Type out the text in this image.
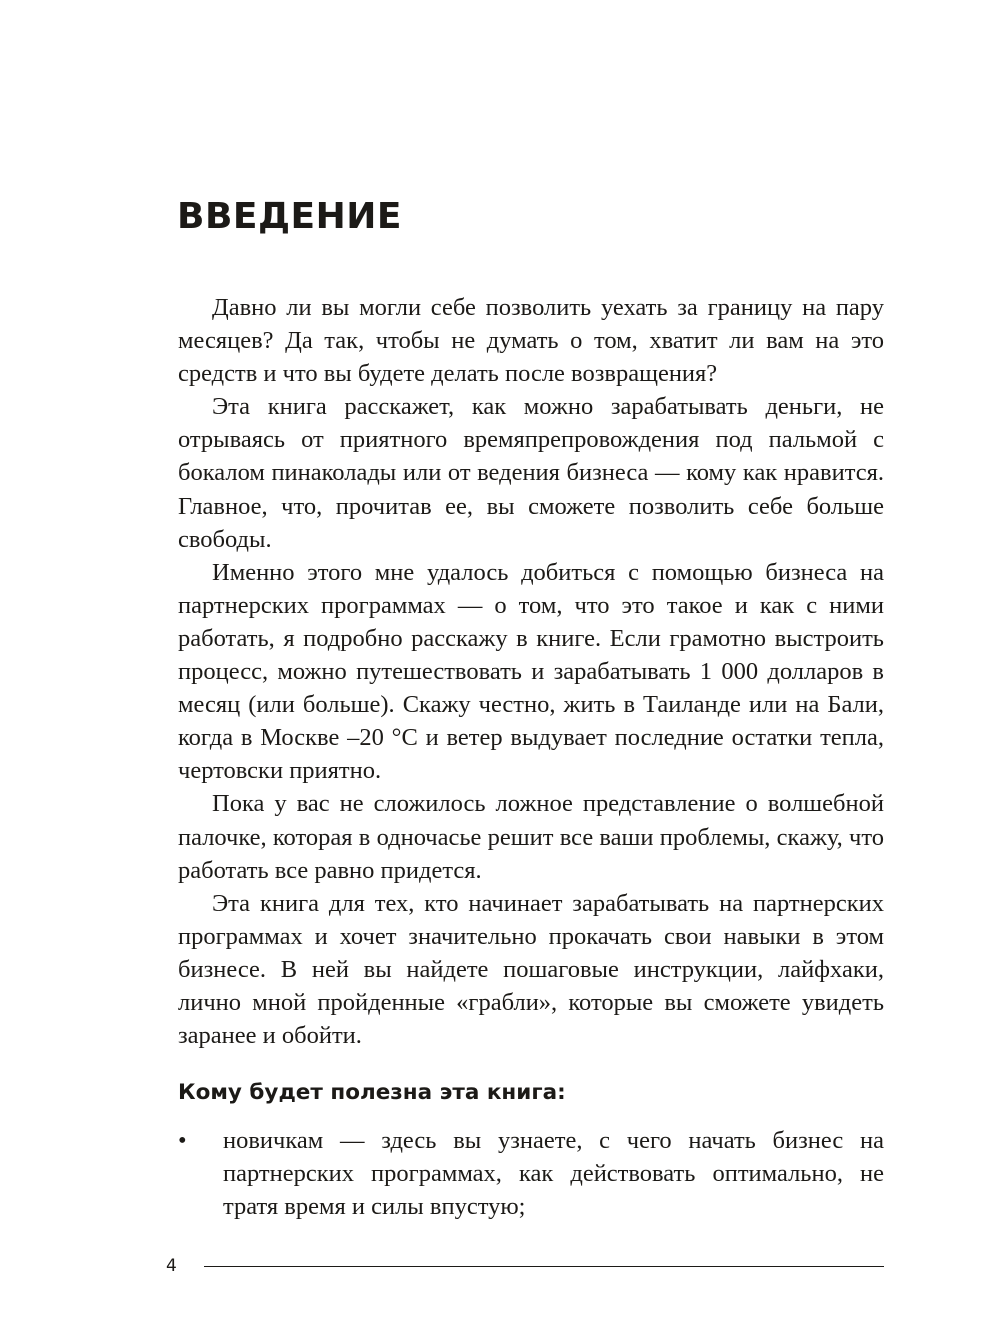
ВВЕДЕНИЕ

Давно ли вы могли себе позволить уехать за границу на пару месяцев? Да так, чтобы не думать о том, хватит ли вам на это средств и что вы будете делать после возвращения?

Эта книга расскажет, как можно зарабатывать деньги, не отрываясь от приятного времяпрепровождения под пальмой с бокалом пинаколады или от ведения бизнеса — кому как нравится. Главное, что, прочитав ее, вы сможете позволить себе больше свободы.

Именно этого мне удалось добиться с помощью бизнеса на партнерских программах — о том, что это такое и как с ними работать, я подробно расскажу в книге. Если грамотно выстроить процесс, можно путешествовать и зарабатывать 1 000 долларов в месяц (или больше). Скажу честно, жить в Таиланде или на Бали, когда в Москве –20 °C и ветер выдувает последние остатки тепла, чертовски приятно.

Пока у вас не сложилось ложное представление о волшебной палочке, которая в одночасье решит все ваши проблемы, скажу, что работать все равно придется.

Эта книга для тех, кто начинает зарабатывать на партнерских программах и хочет значительно прокачать свои навыки в этом бизнесе. В ней вы найдете пошаговые инструкции, лайфхаки, лично мной пройденные «грабли», которые вы сможете увидеть заранее и обойти.

Кому будет полезна эта книга:
• новичкам — здесь вы узнаете, с чего начать бизнес на партнерских программах, как действовать оптимально, не тратя время и силы впустую;
4
